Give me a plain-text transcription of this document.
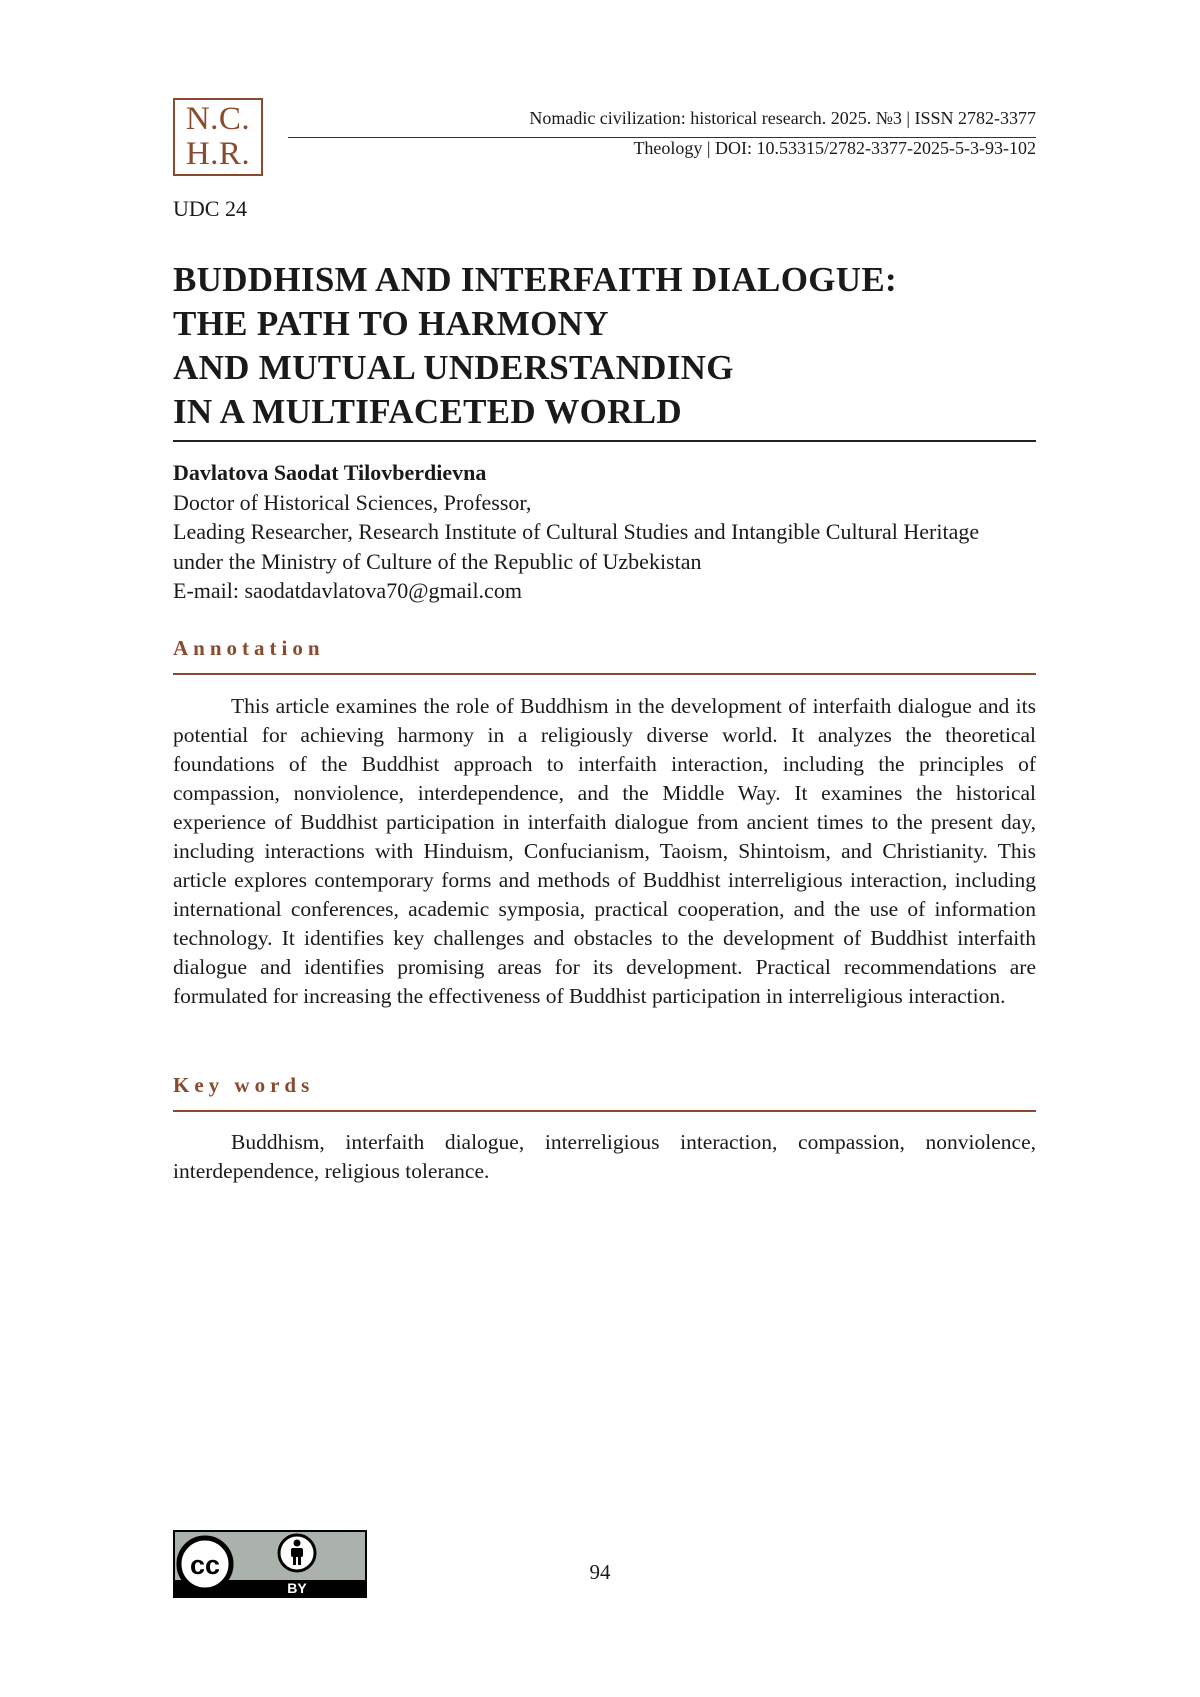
N.C.
H.R.
Nomadic civilization: historical research. 2025. №3 | ISSN 2782-3377
Theology | DOI: 10.53315/2782-3377-2025-5-3-93-102
UDC 24
BUDDHISM AND INTERFAITH DIALOGUE:
THE PATH TO HARMONY
AND MUTUAL UNDERSTANDING
IN A MULTIFACETED WORLD
Davlatova Saodat Tilovberdievna
Doctor of Historical Sciences, Professor,
Leading Researcher, Research Institute of Cultural Studies and Intangible Cultural Heritage
under the Ministry of Culture of the Republic of Uzbekistan
E-mail: saodatdavlatova70@gmail.com
Annotation

This article examines the role of Buddhism in the development of interfaith dialogue and its potential for achieving harmony in a religiously diverse world. It analyzes the theoretical foundations of the Buddhist approach to interfaith interaction, including the principles of compassion, nonviolence, interdependence, and the Middle Way. It examines the historical experience of Buddhist participation in interfaith dialogue from ancient times to the present day, including interactions with Hinduism, Confucianism, Taoism, Shintoism, and Christianity. This article explores contemporary forms and methods of Buddhist interreligious interaction, including international conferences, academic symposia, practical cooperation, and the use of information technology. It identifies key challenges and obstacles to the development of Buddhist interfaith dialogue and identifies promising areas for its development. Practical recommendations are formulated for increasing the effectiveness of Buddhist participation in interreligious interaction.

Key words

Buddhism, interfaith dialogue, interreligious interaction, compassion, nonviolence, interdependence, religious tolerance.

cc
BY
94
